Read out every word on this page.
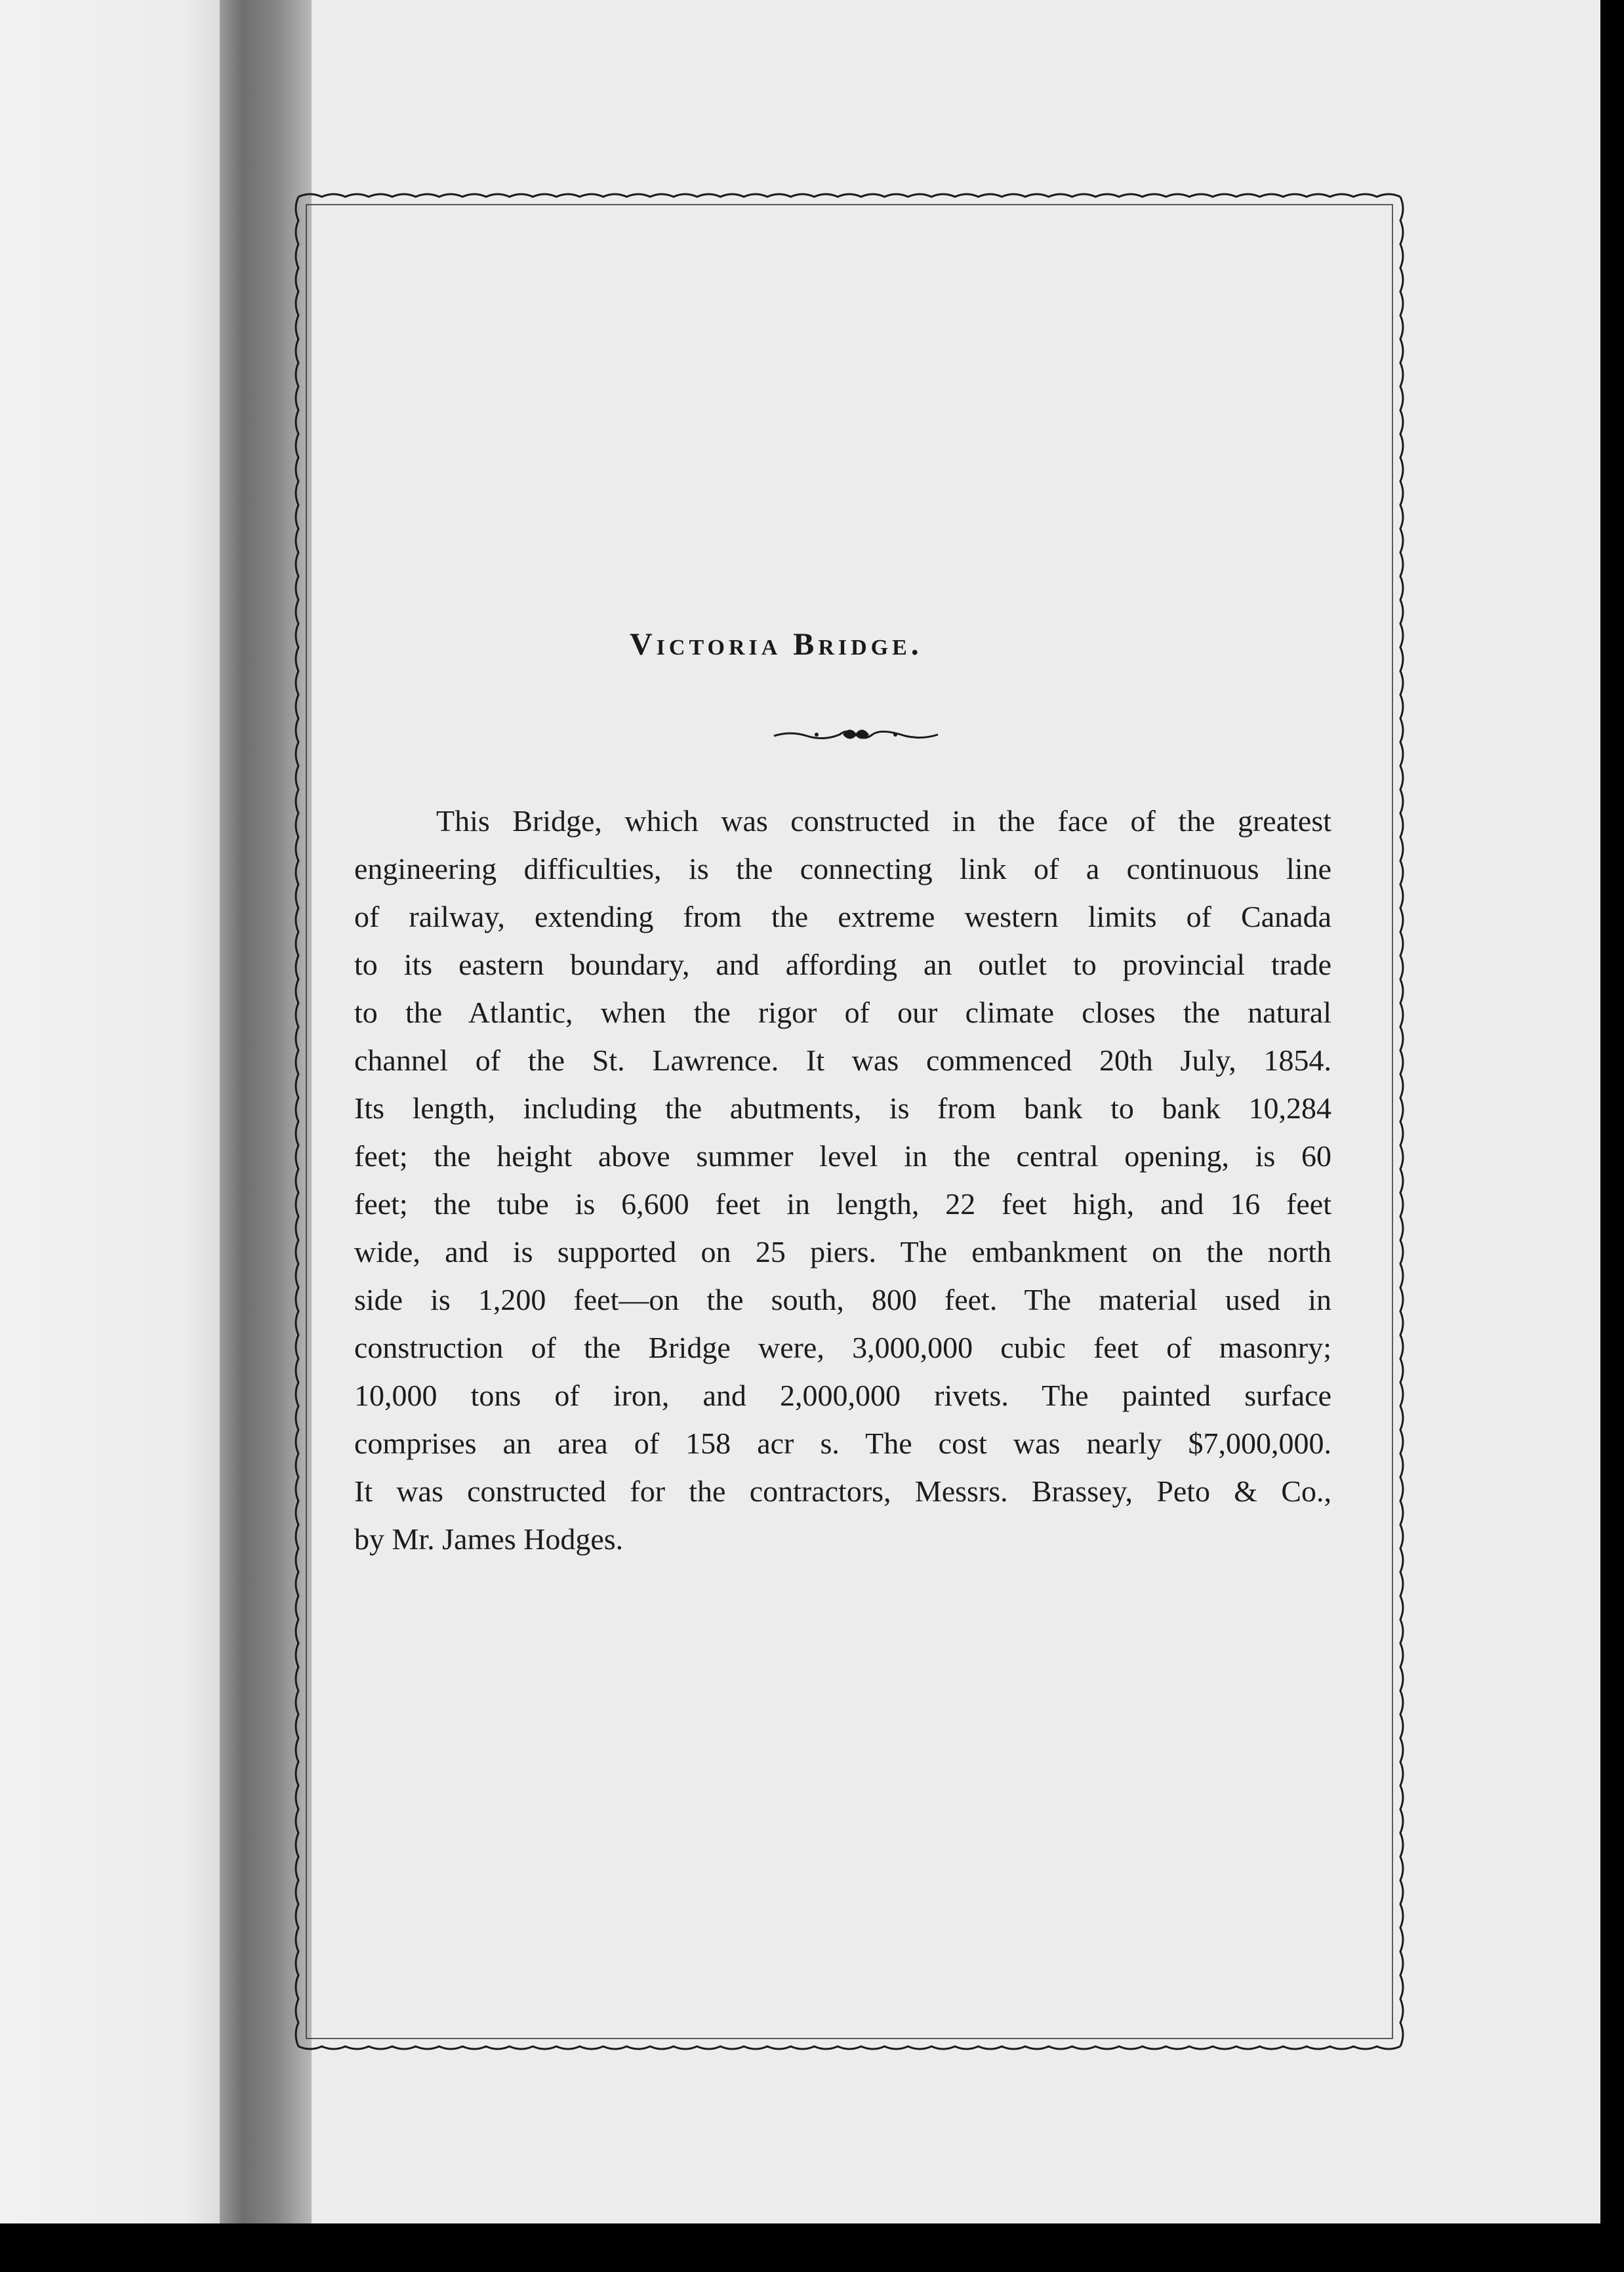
Victoria Bridge.
This Bridge, which was constructed in the face of the greatest
engineering difficulties, is the connecting link of a continuous line
of railway, extending from the extreme western limits of Canada
to its eastern boundary, and affording an outlet to provincial trade
to the Atlantic, when the rigor of our climate closes the natural
channel of the St. Lawrence. It was commenced 20th July, 1854.
Its length, including the abutments, is from bank to bank 10,284
feet; the height above summer level in the central opening, is 60
feet; the tube is 6,600 feet in length, 22 feet high, and 16 feet
wide, and is supported on 25 piers. The embankment on the north
side is 1,200 feet—on the south, 800 feet. The material used in
construction of the Bridge were, 3,000,000 cubic feet of masonry;
10,000 tons of iron, and 2,000,000 rivets. The painted surface
comprises an area of 158 acr s. The cost was nearly $7,000,000.
It was constructed for the contractors, Messrs. Brassey, Peto & Co.,
by Mr. James Hodges.
